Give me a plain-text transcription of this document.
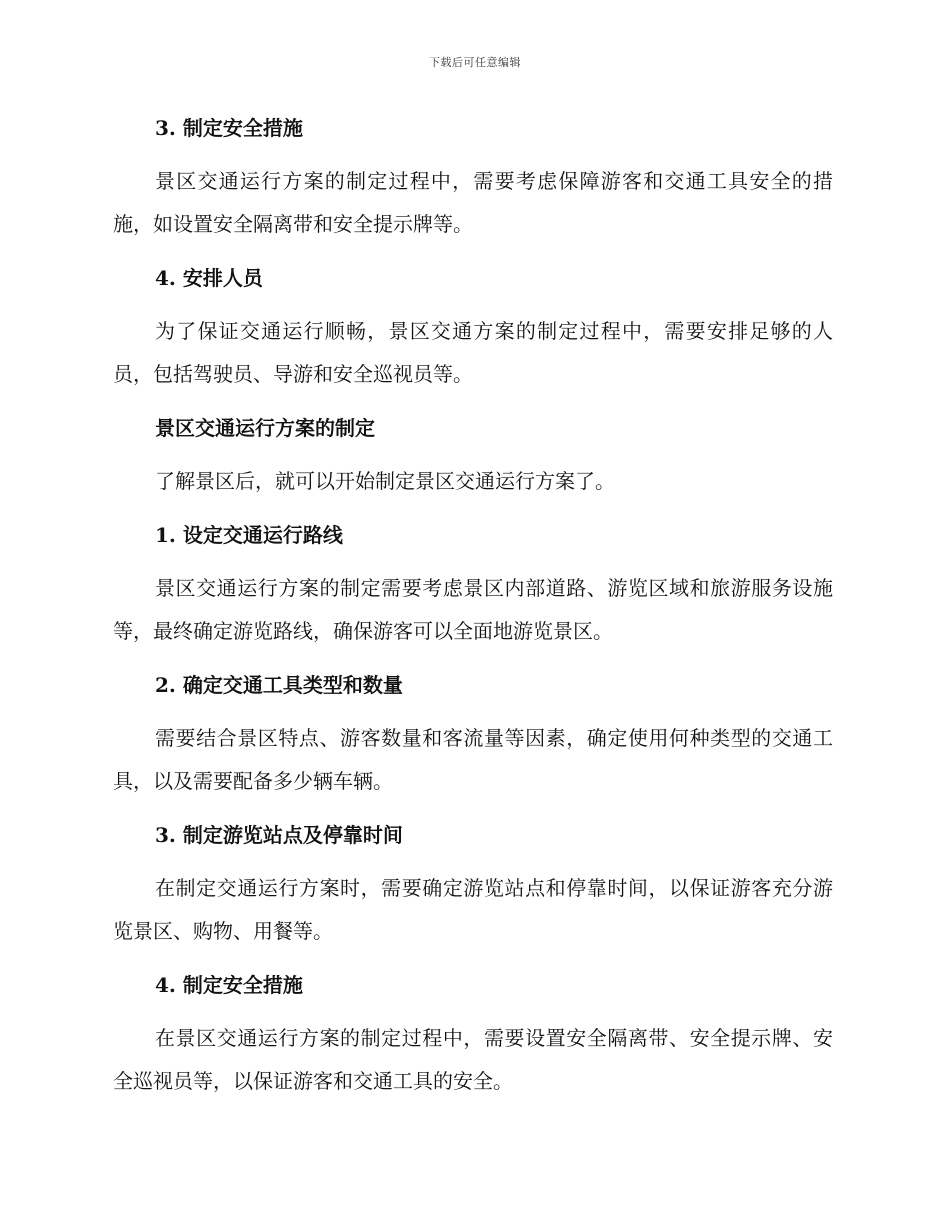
下载后可任意编辑
3. 制定安全措施
景区交通运行方案的制定过程中，需要考虑保障游客和交通工具安全的措施，如设置安全隔离带和安全提示牌等。
4. 安排人员
为了保证交通运行顺畅，景区交通方案的制定过程中，需要安排足够的人员，包括驾驶员、导游和安全巡视员等。
景区交通运行方案的制定
了解景区后，就可以开始制定景区交通运行方案了。
1. 设定交通运行路线
景区交通运行方案的制定需要考虑景区内部道路、游览区域和旅游服务设施等，最终确定游览路线，确保游客可以全面地游览景区。
2. 确定交通工具类型和数量
需要结合景区特点、游客数量和客流量等因素，确定使用何种类型的交通工具，以及需要配备多少辆车辆。
3. 制定游览站点及停靠时间
在制定交通运行方案时，需要确定游览站点和停靠时间，以保证游客充分游览景区、购物、用餐等。
4. 制定安全措施
在景区交通运行方案的制定过程中，需要设置安全隔离带、安全提示牌、安全巡视员等，以保证游客和交通工具的安全。
